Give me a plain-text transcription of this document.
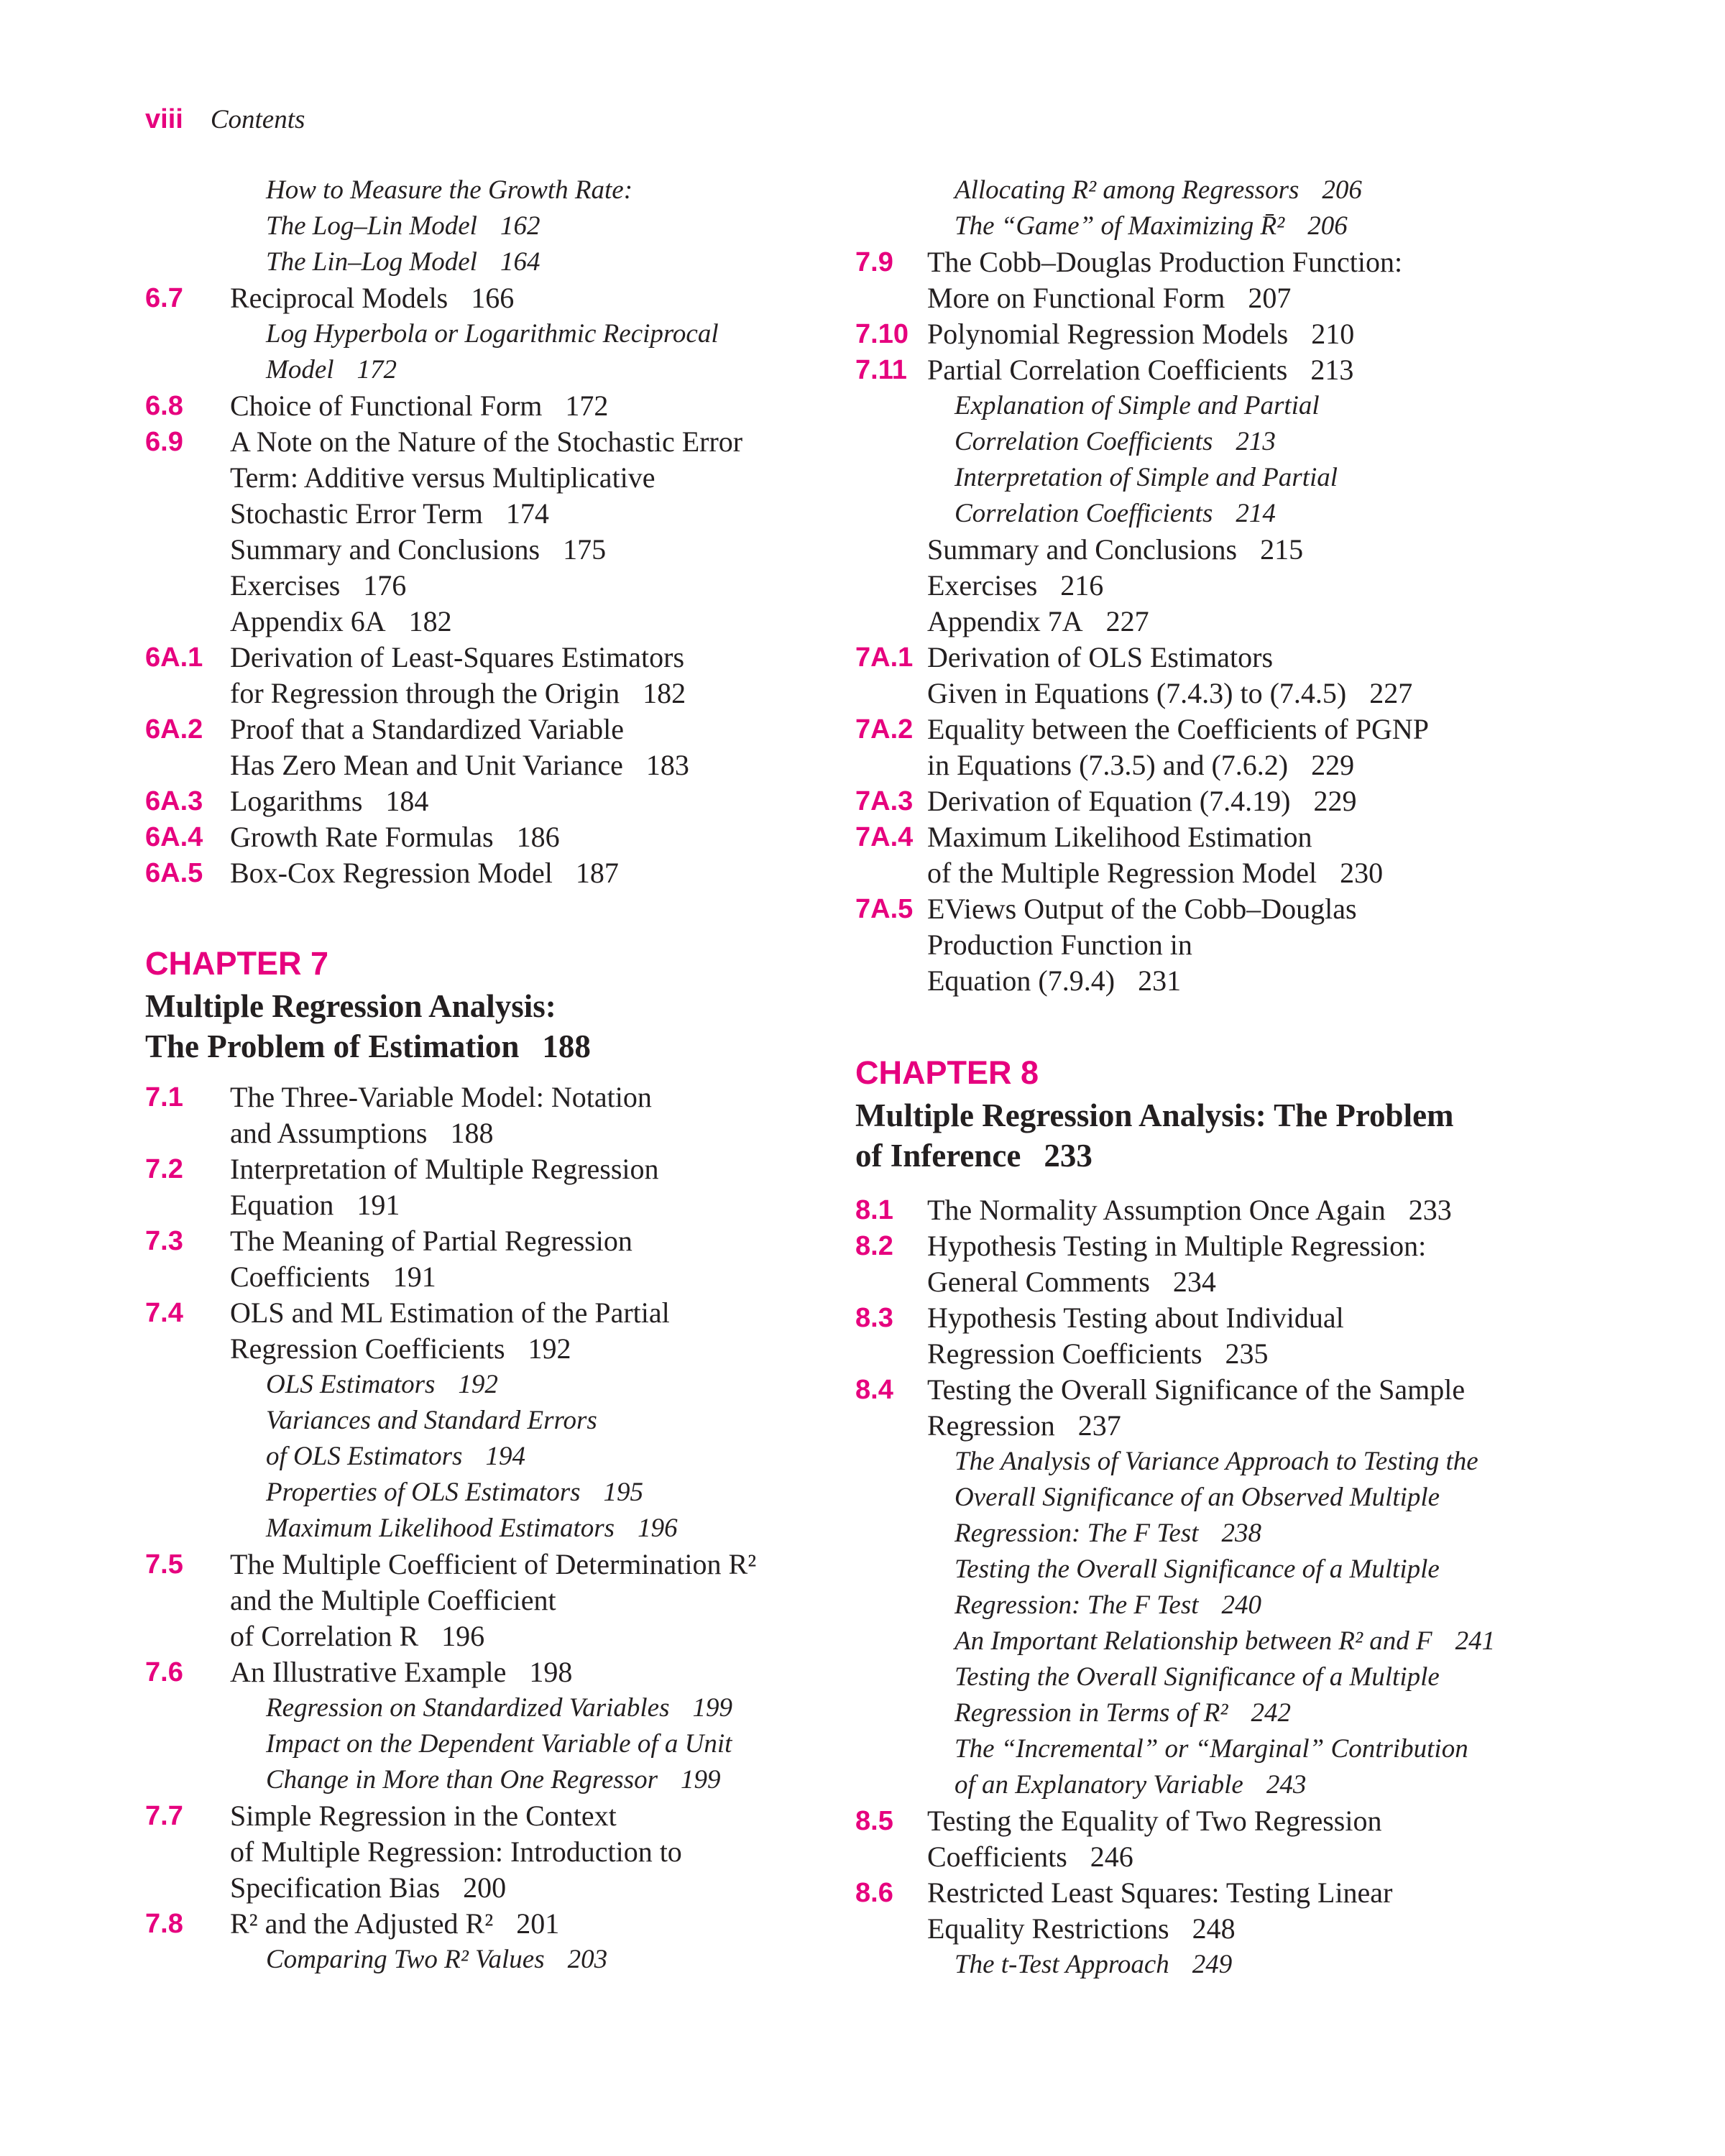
viii Contents
How to Measure the Growth Rate:
The Log–Lin Model 162
The Lin–Log Model 164
6.7 Reciprocal Models 166
Log Hyperbola or Logarithmic Reciprocal
Model 172
6.8 Choice of Functional Form 172
6.9 A Note on the Nature of the Stochastic Error
Term: Additive versus Multiplicative
Stochastic Error Term 174
Summary and Conclusions 175
Exercises 176
Appendix 6A 182
6A.1 Derivation of Least-Squares Estimators
for Regression through the Origin 182
6A.2 Proof that a Standardized Variable
Has Zero Mean and Unit Variance 183
6A.3 Logarithms 184
6A.4 Growth Rate Formulas 186
6A.5 Box-Cox Regression Model 187
CHAPTER 7
Multiple Regression Analysis:
The Problem of Estimation 188
7.1 The Three-Variable Model: Notation
and Assumptions 188
7.2 Interpretation of Multiple Regression
Equation 191
7.3 The Meaning of Partial Regression
Coefficients 191
7.4 OLS and ML Estimation of the Partial
Regression Coefficients 192
OLS Estimators 192
Variances and Standard Errors
of OLS Estimators 194
Properties of OLS Estimators 195
Maximum Likelihood Estimators 196
7.5 The Multiple Coefficient of Determination R²
and the Multiple Coefficient
of Correlation R 196
7.6 An Illustrative Example 198
Regression on Standardized Variables 199
Impact on the Dependent Variable of a Unit
Change in More than One Regressor 199
7.7 Simple Regression in the Context
of Multiple Regression: Introduction to
Specification Bias 200
7.8 R² and the Adjusted R² 201
Comparing Two R² Values 203
Allocating R² among Regressors 206
The “Game” of Maximizing R̄² 206
7.9 The Cobb–Douglas Production Function:
More on Functional Form 207
7.10 Polynomial Regression Models 210
7.11 Partial Correlation Coefficients 213
Explanation of Simple and Partial
Correlation Coefficients 213
Interpretation of Simple and Partial
Correlation Coefficients 214
Summary and Conclusions 215
Exercises 216
Appendix 7A 227
7A.1 Derivation of OLS Estimators
Given in Equations (7.4.3) to (7.4.5) 227
7A.2 Equality between the Coefficients of PGNP
in Equations (7.3.5) and (7.6.2) 229
7A.3 Derivation of Equation (7.4.19) 229
7A.4 Maximum Likelihood Estimation
of the Multiple Regression Model 230
7A.5 EViews Output of the Cobb–Douglas
Production Function in
Equation (7.9.4) 231
CHAPTER 8
Multiple Regression Analysis: The Problem
of Inference 233
8.1 The Normality Assumption Once Again 233
8.2 Hypothesis Testing in Multiple Regression:
General Comments 234
8.3 Hypothesis Testing about Individual
Regression Coefficients 235
8.4 Testing the Overall Significance of the Sample
Regression 237
The Analysis of Variance Approach to Testing the
Overall Significance of an Observed Multiple
Regression: The F Test 238
Testing the Overall Significance of a Multiple
Regression: The F Test 240
An Important Relationship between R² and F 241
Testing the Overall Significance of a Multiple
Regression in Terms of R² 242
The “Incremental” or “Marginal” Contribution
of an Explanatory Variable 243
8.5 Testing the Equality of Two Regression
Coefficients 246
8.6 Restricted Least Squares: Testing Linear
Equality Restrictions 248
The t-Test Approach 249
